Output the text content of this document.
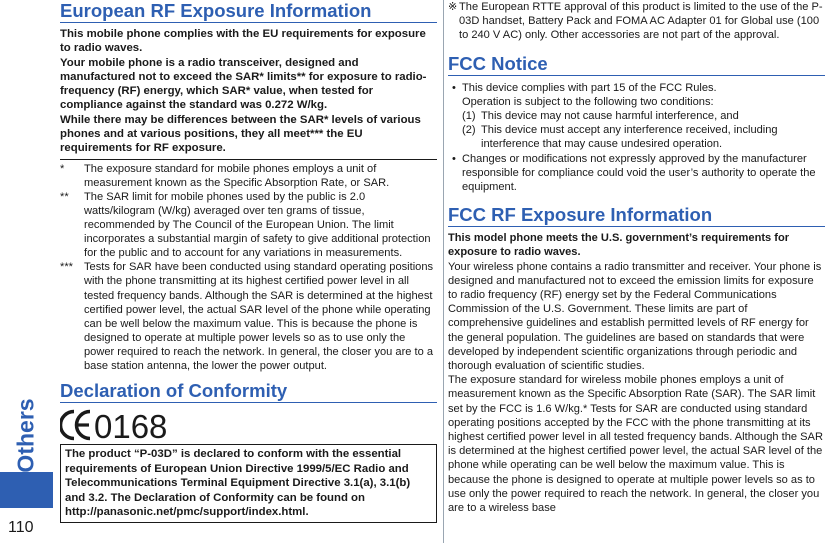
Others
110
European RF Exposure Information

This mobile phone complies with the EU requirements for exposure to radio waves.

Your mobile phone is a radio transceiver, designed and manufactured not to exceed the SAR* limits** for exposure to radio-frequency (RF) energy, which SAR* value, when tested for compliance against the standard was 0.272 W/kg.

While there may be differences between the SAR* levels of various phones and at various positions, they all meet*** the EU requirements for RF exposure.

*	The exposure standard for mobile phones employs a unit of measurement known as the Specific Absorption Rate, or SAR.
**	The SAR limit for mobile phones used by the public is 2.0 watts/kilogram (W/kg) averaged over ten grams of tissue, recommended by The Council of the European Union. The limit incorporates a substantial margin of safety to give additional protection for the public and to account for any variations in measurements.
*** Tests for SAR have been conducted using standard operating positions with the phone transmitting at its highest certified power level in all tested frequency bands. Although the SAR is determined at the highest certified power level, the actual SAR level of the phone while operating can be well below the maximum value. This is because the phone is designed to operate at multiple power levels so as to use only the power required to reach the network. In general, the closer you are to a base station antenna, the lower the power output.
Declaration of Conformity
0168
The product “P-03D” is declared to conform with the essential requirements of European Union Directive 1999/5/EC Radio and Telecommunications Terminal Equipment Directive 3.1(a), 3.1(b) and 3.2. The Declaration of Conformity can be found on http://panasonic.net/pmc/support/index.html.
※ The European RTTE approval of this product is limited to the use of the P-03D handset, Battery Pack and FOMA AC Adapter 01 for Global use (100 to 240 V AC) only. Other accessories are not part of the approval.
FCC Notice
• This device complies with part 15 of the FCC Rules.
Operation is subject to the following two conditions:
(1) This device may not cause harmful interference, and
(2) This device must accept any interference received, including interference that may cause undesired operation.
• Changes or modifications not expressly approved by the manufacturer responsible for compliance could void the user’s authority to operate the equipment.
FCC RF Exposure Information
This model phone meets the U.S. government’s requirements for exposure to radio waves.
Your wireless phone contains a radio transmitter and receiver. Your phone is designed and manufactured not to exceed the emission limits for exposure to radio frequency (RF) energy set by the Federal Communications Commission of the U.S. Government. These limits are part of comprehensive guidelines and establish permitted levels of RF energy for the general population. The guidelines are based on standards that were developed by independent scientific organizations through periodic and thorough evaluation of scientific studies.
The exposure standard for wireless mobile phones employs a unit of measurement known as the Specific Absorption Rate (SAR). The SAR limit set by the FCC is 1.6 W/kg.* Tests for SAR are conducted using standard operating positions accepted by the FCC with the phone transmitting at its highest certified power level in all tested frequency bands. Although the SAR is determined at the highest certified power level, the actual SAR level of the phone while operating can be well below the maximum value. This is because the phone is designed to operate at multiple power levels so as to use only the power required to reach the network. In general, the closer you are to a wireless base
